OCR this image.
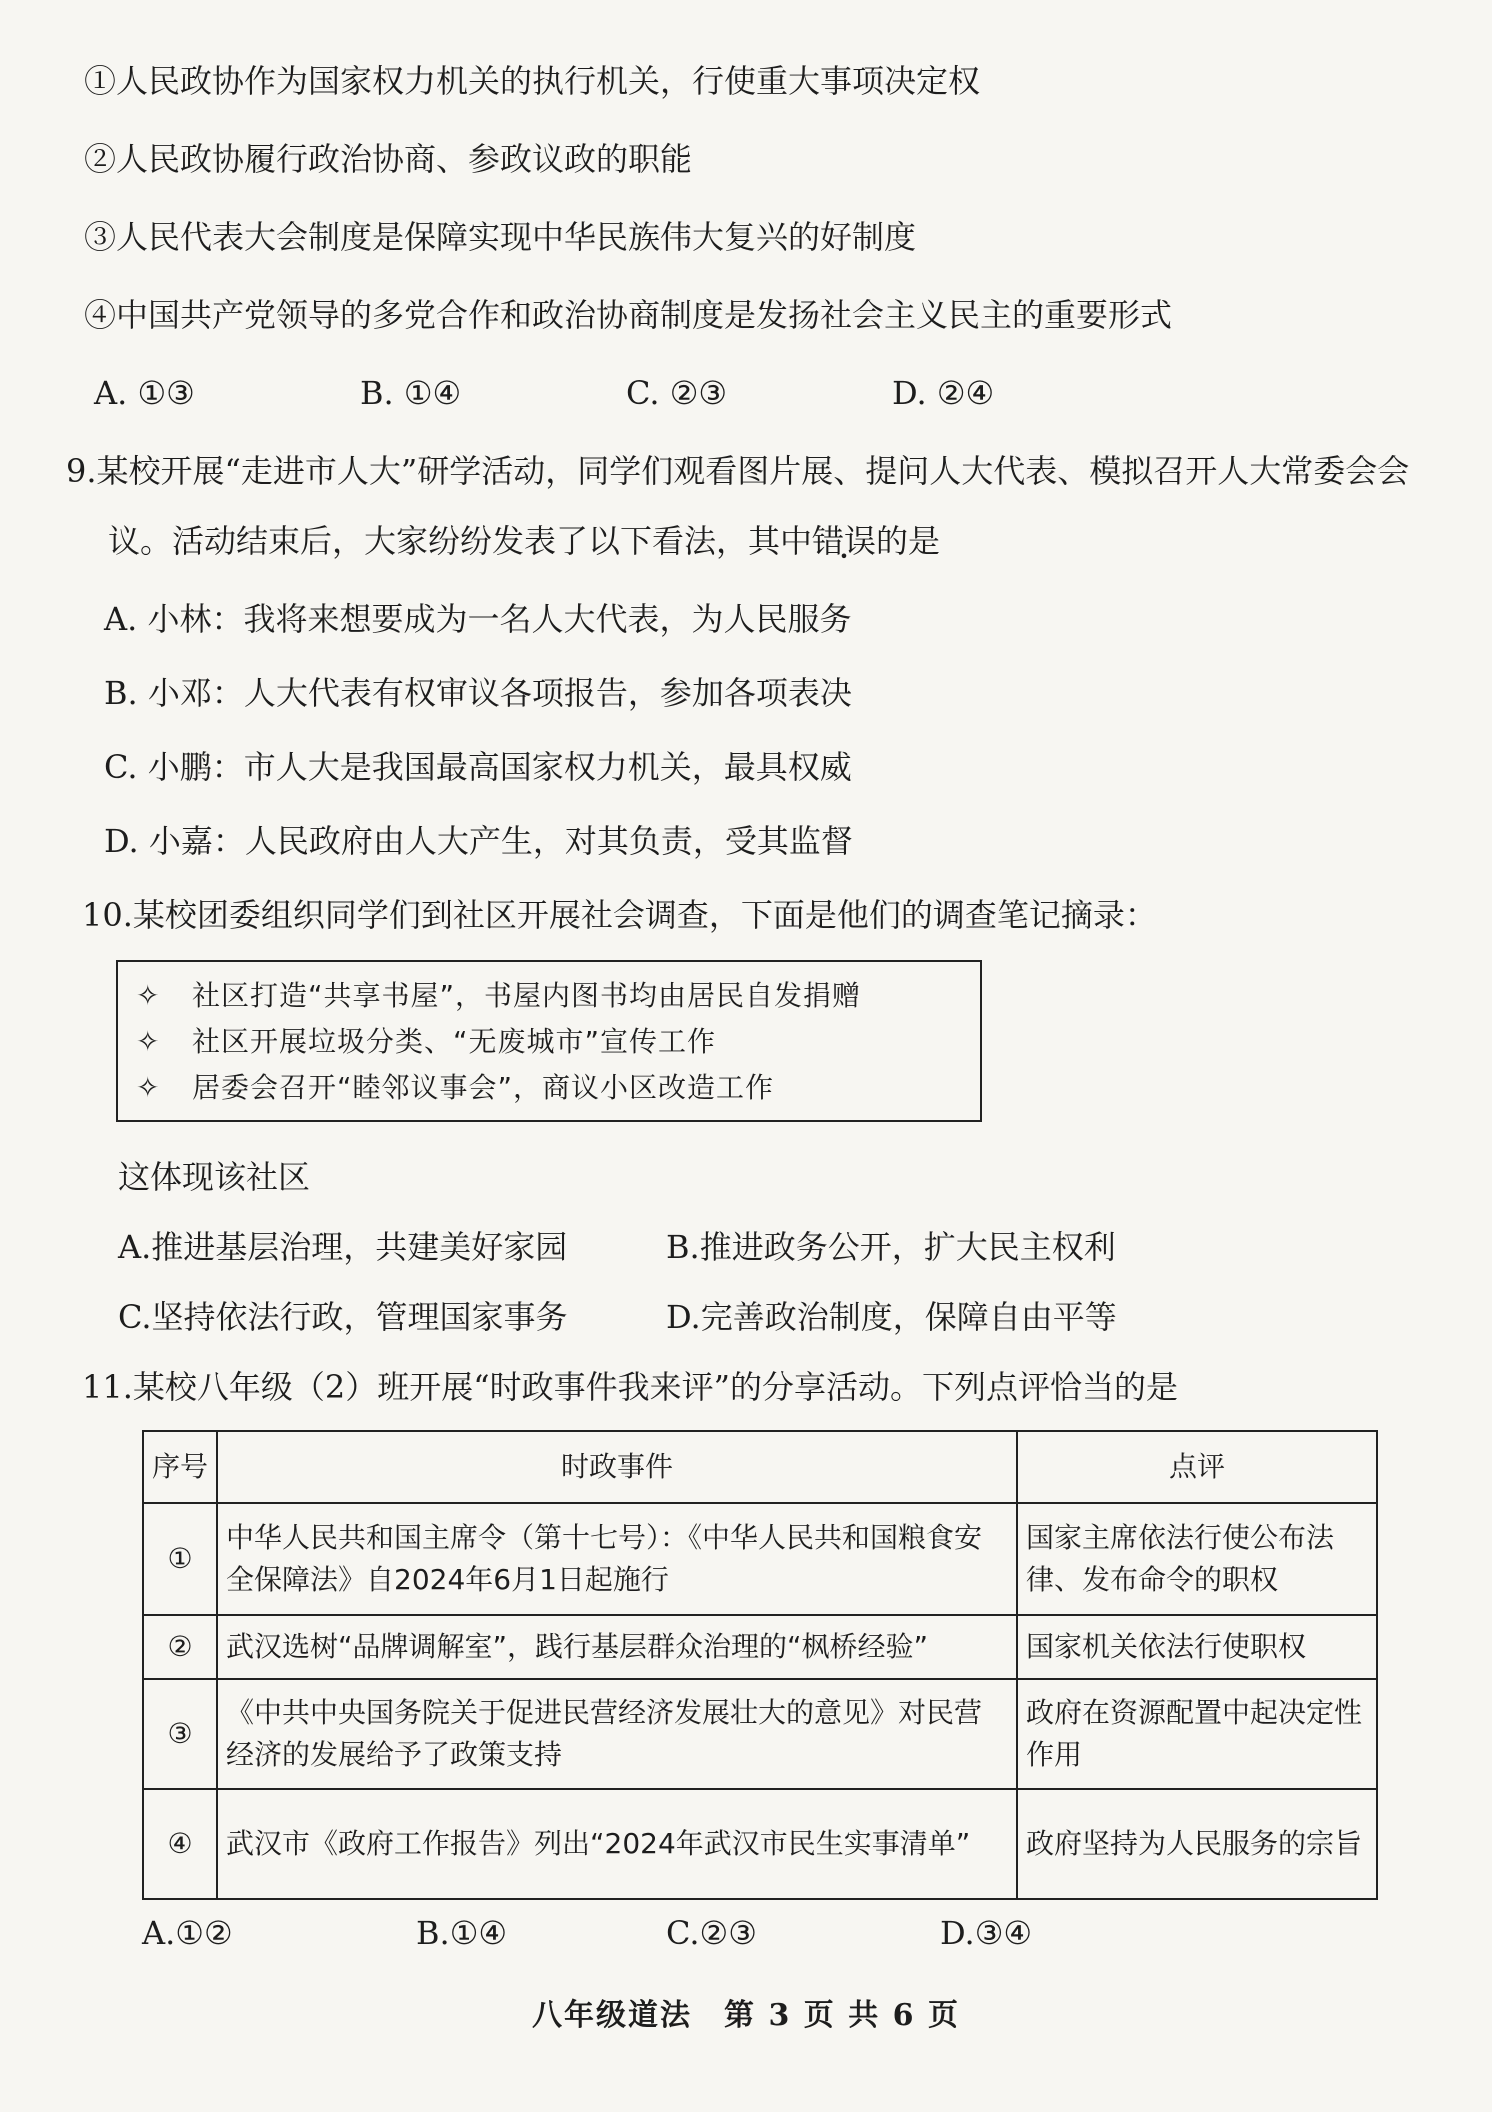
①人民政协作为国家权力机关的执行机关，行使重大事项决定权
②人民政协履行政治协商、参政议政的职能
③人民代表大会制度是保障实现中华民族伟大复兴的好制度
④中国共产党领导的多党合作和政治协商制度是发扬社会主义民主的重要形式
A. ①③	B. ①④	C. ②③	D. ②④
9.某校开展“走进市人大”研学活动，同学们观看图片展、提问人大代表、模拟召开人大常委会会
议。活动结束后，大家纷纷发表了以下看法，其中错误的是
A. 小林：我将来想要成为一名人大代表，为人民服务
B. 小邓：人大代表有权审议各项报告，参加各项表决
C. 小鹏：市人大是我国最高国家权力机关，最具权威
D. 小嘉：人民政府由人大产生，对其负责，受其监督
10.某校团委组织同学们到社区开展社会调查，下面是他们的调查笔记摘录：
✧ 社区打造“共享书屋”，书屋内图书均由居民自发捐赠
✧ 社区开展垃圾分类、“无废城市”宣传工作
✧ 居委会召开“睦邻议事会”，商议小区改造工作
这体现该社区
A.推进基层治理，共建美好家园	B.推进政务公开，扩大民主权利
C.坚持依法行政，管理国家事务	D.完善政治制度，保障自由平等
11.某校八年级（2）班开展“时政事件我来评”的分享活动。下列点评恰当的是
序号	时政事件	点评
①	中华人民共和国主席令（第十七号）：《中华人民共和国粮食安全保障法》自2024年6月1日起施行	国家主席依法行使公布法律、发布命令的职权
②	武汉选树“品牌调解室”，践行基层群众治理的“枫桥经验”	国家机关依法行使职权
③	《中共中央国务院关于促进民营经济发展壮大的意见》对民营经济的发展给予了政策支持	政府在资源配置中起决定性作用
④	武汉市《政府工作报告》列出“2024年武汉市民生实事清单”	政府坚持为人民服务的宗旨
A.①②	B.①④	C.②③	D.③④
八年级道法　第 3 页 共 6 页
